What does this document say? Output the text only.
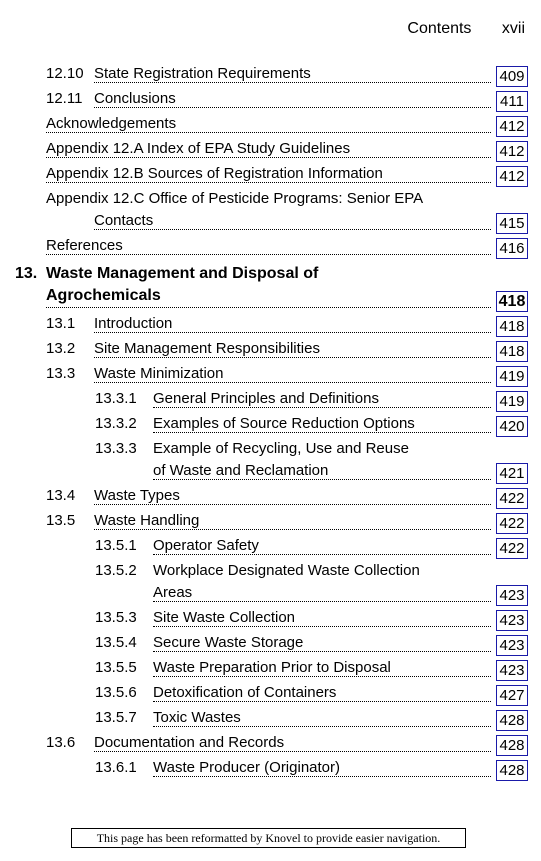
Contents xvii
12.10 State Registration Requirements	409
12.11 Conclusions	411
Acknowledgements	412
Appendix 12.A Index of EPA Study Guidelines	412
Appendix 12.B Sources of Registration Information	412
Appendix 12.C Office of Pesticide Programs: Senior EPA
Contacts	415
References	416
13. Waste Management and Disposal of
Agrochemicals	418
13.1 Introduction	418
13.2 Site Management Responsibilities	418
13.3 Waste Minimization	419
13.3.1 General Principles and Definitions	419
13.3.2 Examples of Source Reduction Options	420
13.3.3 Example of Recycling, Use and Reuse
of Waste and Reclamation	421
13.4 Waste Types	422
13.5 Waste Handling	422
13.5.1 Operator Safety	422
13.5.2 Workplace Designated Waste Collection
Areas	423
13.5.3 Site Waste Collection	423
13.5.4 Secure Waste Storage	423
13.5.5 Waste Preparation Prior to Disposal	423
13.5.6 Detoxification of Containers	427
13.5.7 Toxic Wastes	428
13.6 Documentation and Records	428
13.6.1 Waste Producer (Originator)	428
This page has been reformatted by Knovel to provide easier navigation.
